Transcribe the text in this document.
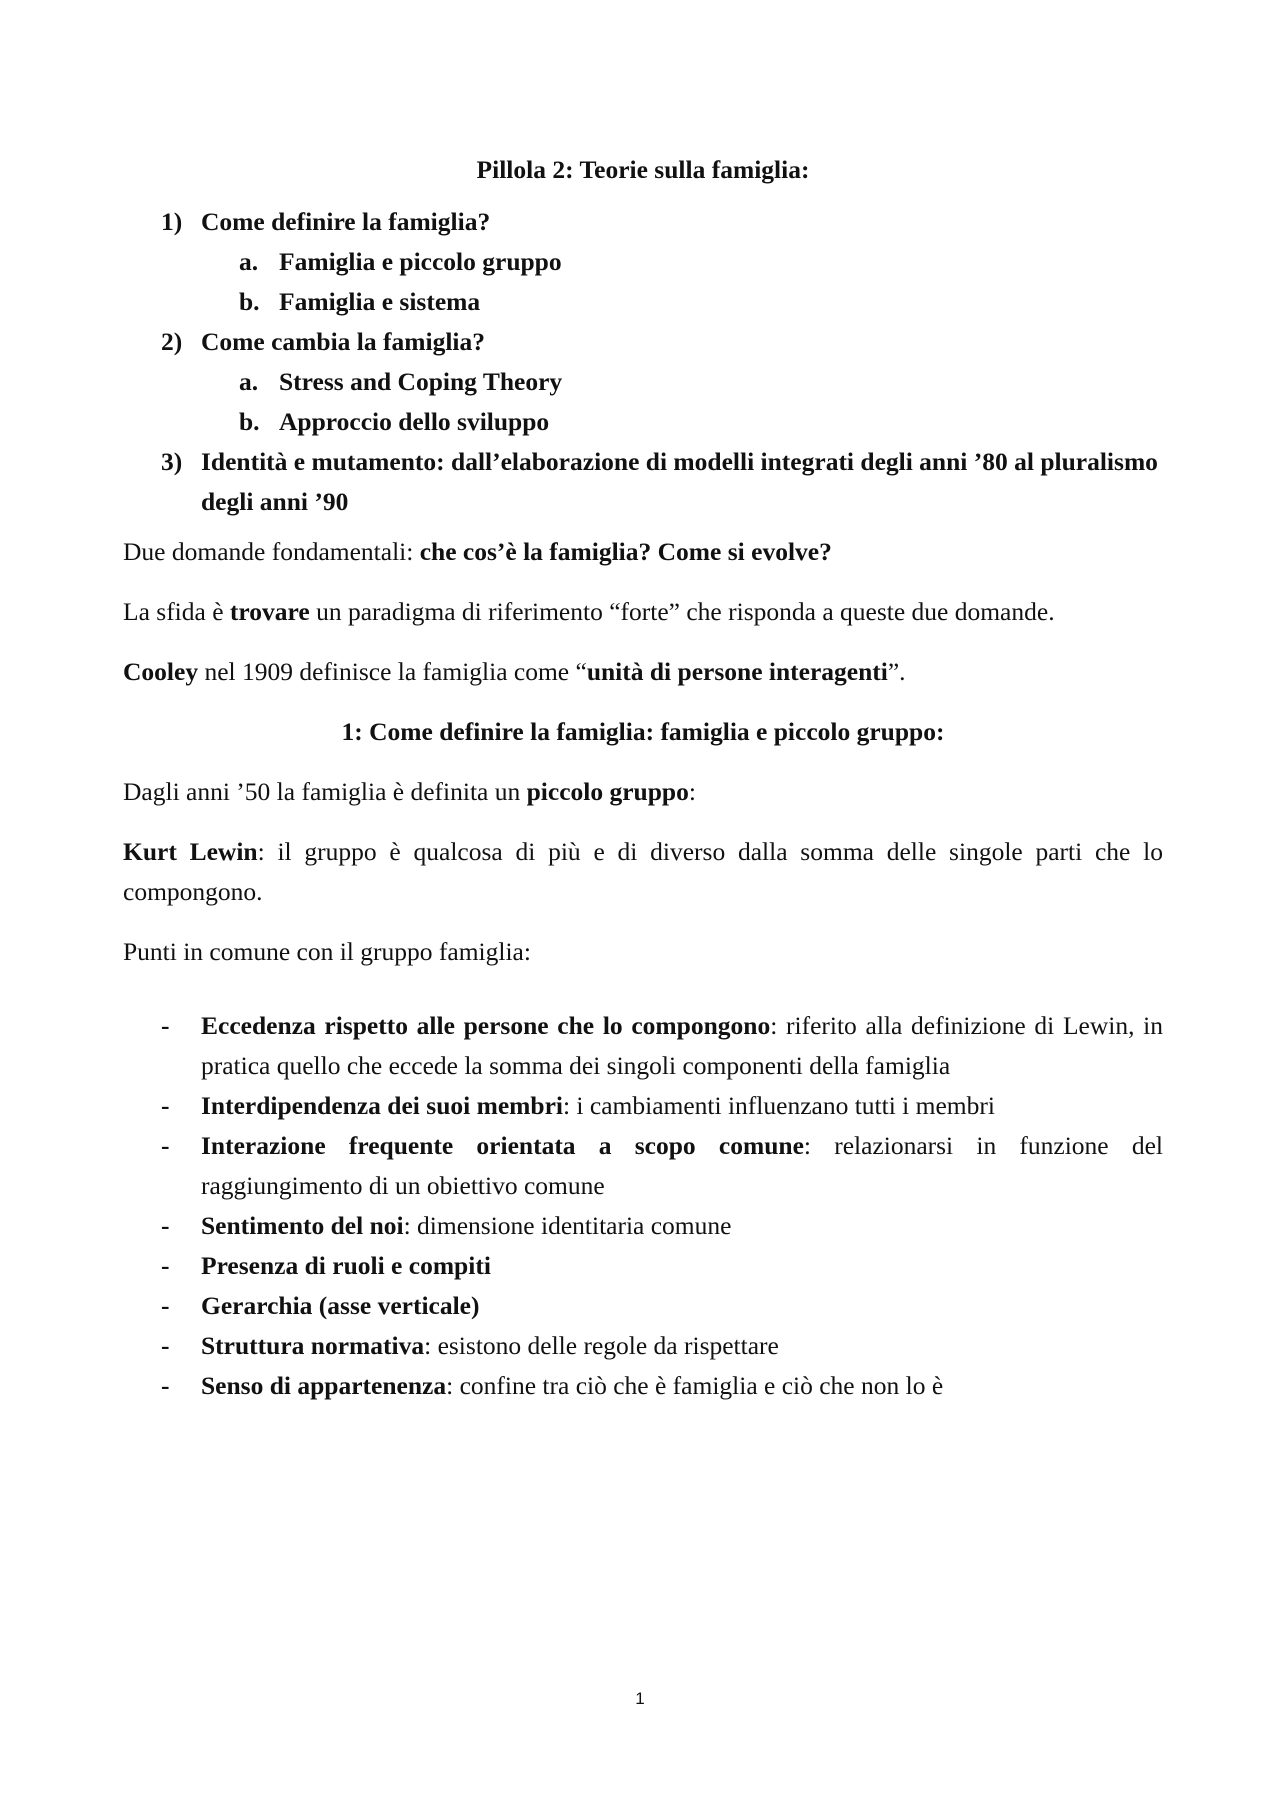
Pillola 2: Teorie sulla famiglia:
1) Come definire la famiglia?
a. Famiglia e piccolo gruppo
b. Famiglia e sistema
2) Come cambia la famiglia?
a. Stress and Coping Theory
b. Approccio dello sviluppo
3) Identità e mutamento: dall’elaborazione di modelli integrati degli anni ’80 al pluralismo degli anni ’90

Due domande fondamentali: che cos’è la famiglia? Come si evolve?

La sfida è trovare un paradigma di riferimento “forte” che risponda a queste due domande.

Cooley nel 1909 definisce la famiglia come “unità di persone interagenti”.

1: Come definire la famiglia: famiglia e piccolo gruppo:

Dagli anni ’50 la famiglia è definita un piccolo gruppo:

Kurt Lewin: il gruppo è qualcosa di più e di diverso dalla somma delle singole parti che lo compongono.

Punti in comune con il gruppo famiglia:

- Eccedenza rispetto alle persone che lo compongono: riferito alla definizione di Lewin, in pratica quello che eccede la somma dei singoli componenti della famiglia
- Interdipendenza dei suoi membri: i cambiamenti influenzano tutti i membri
- Interazione frequente orientata a scopo comune: relazionarsi in funzione del raggiungimento di un obiettivo comune
- Sentimento del noi: dimensione identitaria comune
- Presenza di ruoli e compiti
- Gerarchia (asse verticale)
- Struttura normativa: esistono delle regole da rispettare
- Senso di appartenenza: confine tra ciò che è famiglia e ciò che non lo è
1
